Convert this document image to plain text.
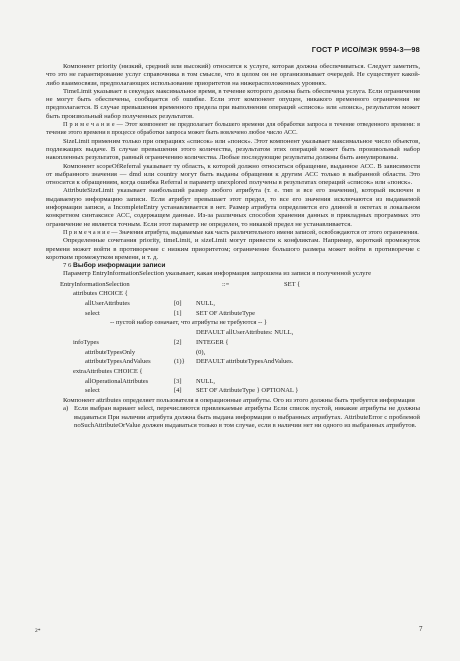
ГОСТ Р ИСО/МЭК 9594-3—98

Компонент priority (низкий, средний или высокий) относится к услуге, которая должна обеспечиваться. Следует заметить, что это не гарантирование услуг справочника в том смысле, что в целом он не организовывает очередей. Не существует какой-либо взаимосвязи, предполагающих использование приоритетов на нижерасположенных уровнях.

TimeLimit указывает в секундах максимальное время, в течение которого должна быть обеспечена услуга. Если ограничения не могут быть обеспечены, сообщается об ошибке. Если этот компонент опущен, никакого временного ограничения не предполагается. В случае превышения временного предела при выполнении операций «список» или «поиск», результатом может быть произвольный набор полученных результатов.

П р и м е ч а н и е — Этот компонент не предполагает большего времени для обработки запроса в течение отведенного времени: в течение этого времени в процессе обработки запроса может быть вовлечено любое число АСС.

SizeLimit применим только при операциях «список» или «поиск». Этот компонент указывает максимальное число объектов, подлежащих выдаче. В случае превышения этого количества, результатом этих операций может быть произвольный набор накопленных результатов, равный ограничению количества. Любые последующие результаты должны быть аннулированы.

Компонент scopeOfReferral указывает ту область, к которой должно относиться обращение, выданное АСС. В зависимости от выбранного значения — dmd или country могут быть выданы обращения к другим АСС только в выбранной области. Это относится к обращениям, когда ошибка Referral и параметр unexplored получены в результатах операций «список» или «поиск».

AttributeSizeLimit указывает наибольший размер любого атрибута (т. е. тип и все его значения), который включен в выдаваемую информацию записи. Если атрибут превышает этот предел, то все его значения исключаются из выдаваемой информации записи, а IncompleteEntry устанавливается в нет. Размер атрибута определяется его длиной в октетах в локальном конкретном синтаксисе АСС, содержащем данные. Из-за различных способов хранения данных в прикладных программах это ограничение не является точным. Если этот параметр не определен, то никакой предел не устанавливается.

П р и м е ч а н и е — Значения атрибута, выдаваемые как часть различительного имени записей, освобождаются от этого ограничения.

Определенные сочетания priority, timeLimit, и sizeLimit могут привести к конфликтам. Например, короткий промежуток времени может войти в противоречие с низким приоритетом; ограничение большого размера может войти в противоречие с коротким промежутком времени, и т. д.

7 6 Выбор информации записи

Параметр EntryInformationSelection указывает, какая информация запрошена из записи в полученной услуге

EntryInformationSelection	::=	SET {
attributes CHOICE {
allUserAttributes	[0] NULL,
select	[1] SET OF AttributeType
-- пустой набор означает, что атрибуты не требуются -- }
DEFAULT allUserAttributes: NULL,
infoTypes	[2] INTEGER {
attributeTypesOnly	(0),
attributeTypesAndValues	(1)} DEFAULT attributeTypesAndValues.
extraAttributes CHOICE {
allOperationalAttributes	[3] NULL,
select	[4] SET OF AttributeType } OPTIONAL }

Компонент attributes определяет пользователя в операционные атрибуты. Ого из этого должны быть требуется информация

а) Если выбран вариант select, перечисляются привлекаемые атрибуты Если список пустой, никакие атрибуты не должны выдаваться При наличии атрибута должна быть выдана информация о выбранных атрибутах. AttributeError с проблемой noSuchAttributeOrValue должен выдаваться только в том случае, если в наличии нет ни одного из выбранных атрибутов.
2*	7
